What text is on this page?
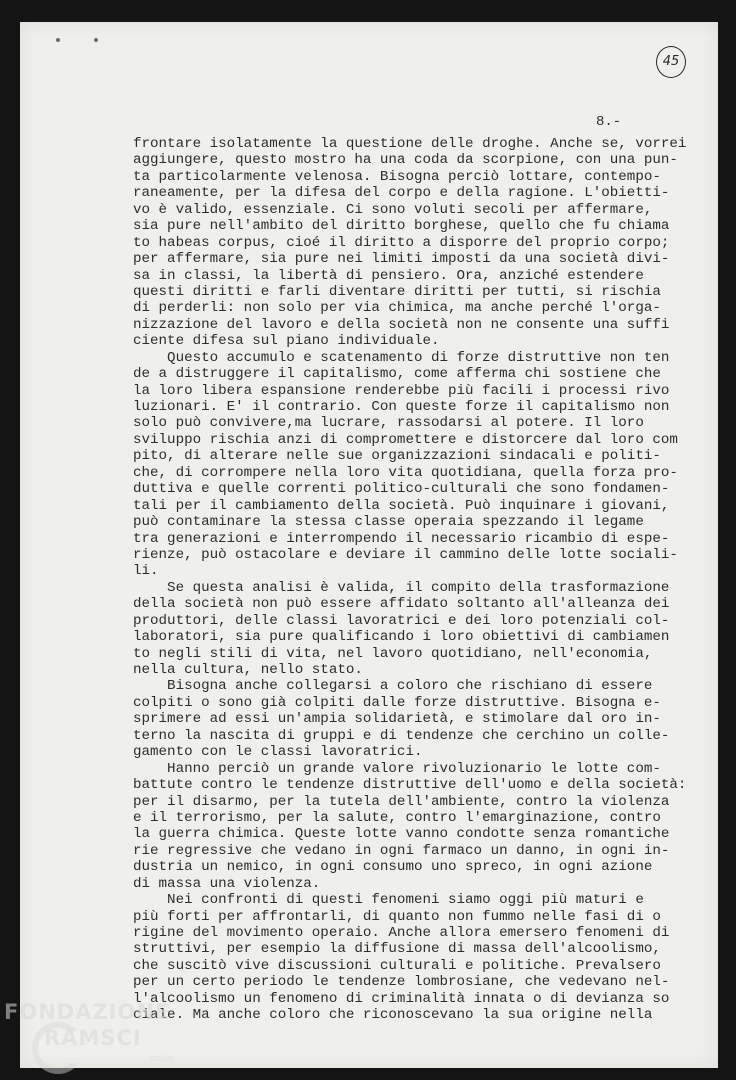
45
8.-
frontare isolatamente la questione delle droghe. Anche se, vorrei
aggiungere, questo mostro ha una coda da scorpione, con una pun-
ta particolarmente velenosa. Bisogna perciò lottare, contempo-
raneamente, per la difesa del corpo e della ragione. L'obietti-
vo è valido, essenziale. Ci sono voluti secoli per affermare,
sia pure nell'ambito del diritto borghese, quello che fu chiama
to habeas corpus, cioé il diritto a disporre del proprio corpo;
per affermare, sia pure nei limiti imposti da una società divi-
sa in classi, la libertà di pensiero. Ora, anziché estendere
questi diritti e farli diventare diritti per tutti, si rischia
di perderli: non solo per via chimica, ma anche perché l'orga-
nizzazione del lavoro e della società non ne consente una suffi
ciente difesa sul piano individuale.
Questo accumulo e scatenamento di forze distruttive non ten
de a distruggere il capitalismo, come afferma chi sostiene che
la loro libera espansione renderebbe più facili i processi rivo
luzionari. E' il contrario. Con queste forze il capitalismo non
solo può convivere,ma lucrare, rassodarsi al potere. Il loro
sviluppo rischia anzi di compromettere e distorcere dal loro com
pito, di alterare nelle sue organizzazioni sindacali e politi-
che, di corrompere nella loro vita quotidiana, quella forza pro-
duttiva e quelle correnti politico-culturali che sono fondamen-
tali per il cambiamento della società. Può inquinare i giovani,
può contaminare la stessa classe operaia spezzando il legame
tra generazioni e interrompendo il necessario ricambio di espe-
rienze, può ostacolare e deviare il cammino delle lotte sociali-
li.
Se questa analisi è valida, il compito della trasformazione
della società non può essere affidato soltanto all'alleanza dei
produttori, delle classi lavoratrici e dei loro potenziali col-
laboratori, sia pure qualificando i loro obiettivi di cambiamen
to negli stili di vita, nel lavoro quotidiano, nell'economia,
nella cultura, nello stato.
Bisogna anche collegarsi a coloro che rischiano di essere
colpiti o sono già colpiti dalle forze distruttive. Bisogna e-
sprimere ad essi un'ampia solidarietà, e stimolare dal oro in-
terno la nascita di gruppi e di tendenze che cerchino un colle-
gamento con le classi lavoratrici.
Hanno perciò un grande valore rivoluzionario le lotte com-
battute contro le tendenze distruttive dell'uomo e della società:
per il disarmo, per la tutela dell'ambiente, contro la violenza
e il terrorismo, per la salute, contro l'emarginazione, contro
la guerra chimica. Queste lotte vanno condotte senza romantiche
rie regressive che vedano in ogni farmaco un danno, in ogni in-
dustria un nemico, in ogni consumo uno spreco, in ogni azione
di massa una violenza.
Nei confronti di questi fenomeni siamo oggi più maturi e
più forti per affrontarli, di quanto non fummo nelle fasi di o
rigine del movimento operaio. Anche allora emersero fenomeni di
struttivi, per esempio la diffusione di massa dell'alcoolismo,
che suscitò vive discussioni culturali e politiche. Prevalsero
per un certo periodo le tendenze lombrosiane, che vedevano nel-
l'alcoolismo un fenomeno di criminalità innata o di devianza so
ciale. Ma anche coloro che riconoscevano la sua origine nella
FONDAZIONE
RAMSCI
onlus
